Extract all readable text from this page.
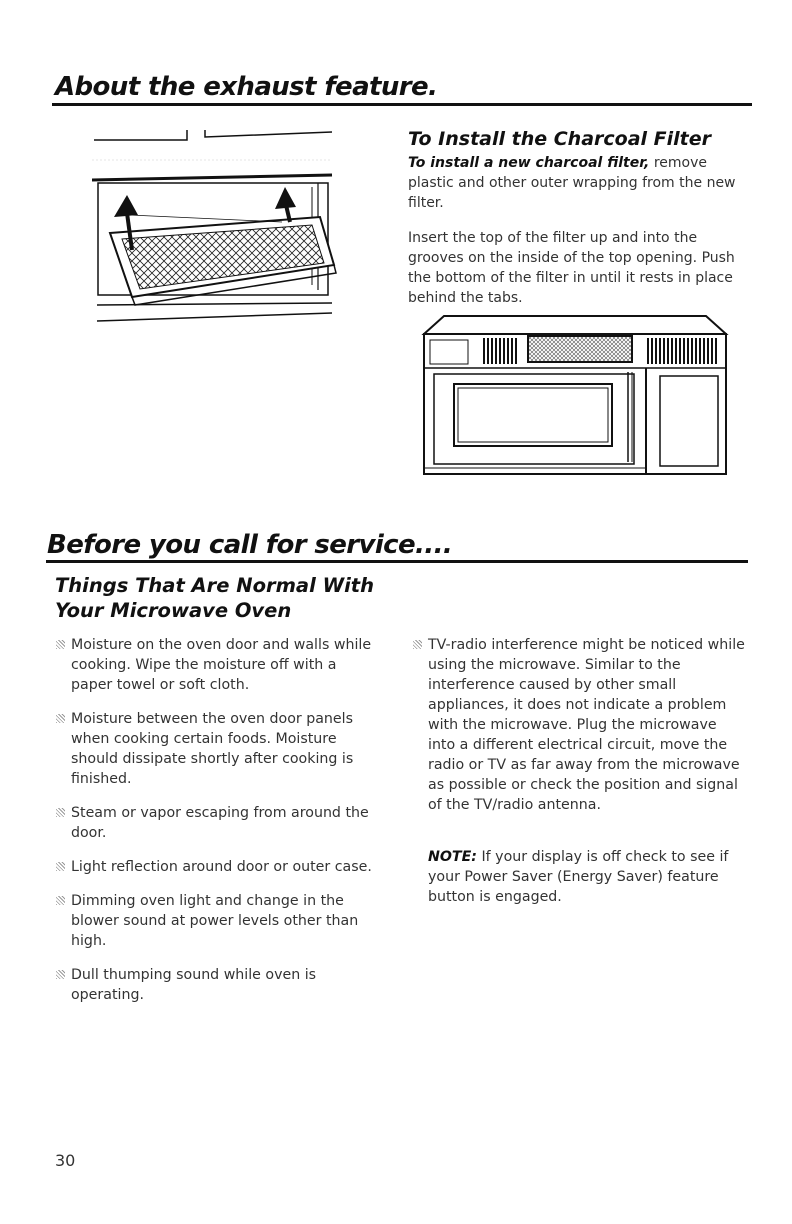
About the exhaust feature.
To Install the Charcoal Filter

To install a new charcoal filter, remove plastic and other outer wrapping from the new filter.

Insert the top of the filter up and into the grooves on the inside of the top opening. Push the bottom of the filter in until it rests in place behind the tabs.

Before you call for service....
Things That Are Normal With
Your Microwave Oven
Moisture on the oven door and walls while cooking. Wipe the moisture off with a paper towel or soft cloth.
Moisture between the oven door panels when cooking certain foods. Moisture should dissipate shortly after cooking is finished.
Steam or vapor escaping from around the door.
Light reflection around door or outer case.
Dimming oven light and change in the blower sound at power levels other than high.
Dull thumping sound while oven is operating.
TV-radio interference might be noticed while using the microwave. Similar to the interference caused by other small appliances, it does not indicate a problem with the microwave. Plug the microwave into a different electrical circuit, move the radio or TV as far away from the microwave as possible or check the position and signal of the TV/radio antenna.

NOTE: If your display is off check to see if your Power Saver (Energy Saver) feature button is engaged.

30
